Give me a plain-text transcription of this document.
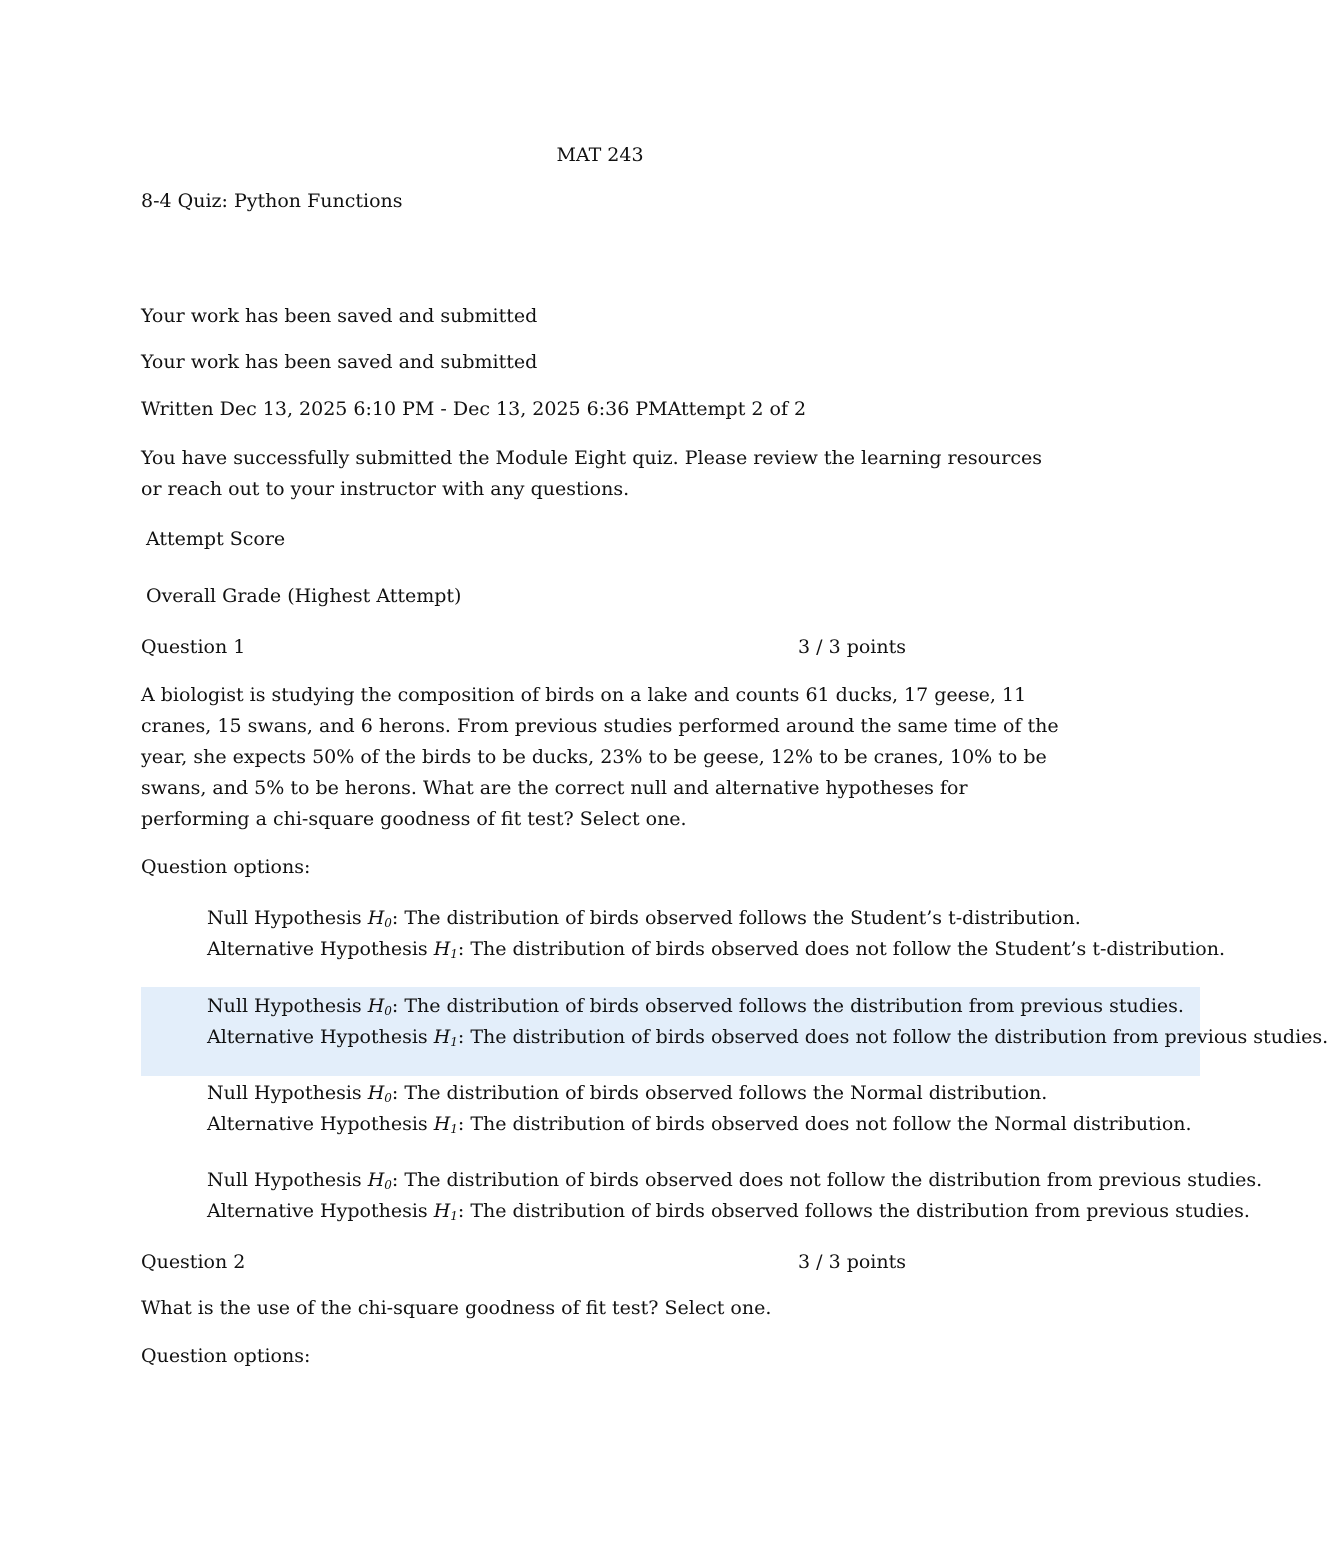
MAT 243
8-4 Quiz: Python Functions
Your work has been saved and submitted
Your work has been saved and submitted
Written Dec 13, 2025 6:10 PM - Dec 13, 2025 6:36 PMAttempt 2 of 2
You have successfully submitted the Module Eight quiz. Please review the learning resources or reach out to your instructor with any questions.
Attempt Score
Overall Grade (Highest Attempt)
Question 1	3 / 3 points
A biologist is studying the composition of birds on a lake and counts 61 ducks, 17 geese, 11 cranes, 15 swans, and 6 herons. From previous studies performed around the same time of the year, she expects 50% of the birds to be ducks, 23% to be geese, 12% to be cranes, 10% to be swans, and 5% to be herons. What are the correct null and alternative hypotheses for performing a chi-square goodness of fit test? Select one.
Question options:
Null Hypothesis $H_0$: The distribution of birds observed follows the Student’s t-distribution.
Alternative Hypothesis $H_1$: The distribution of birds observed does not follow the Student’s t-distribution.
Null Hypothesis $H_0$: The distribution of birds observed follows the distribution from previous studies.
Alternative Hypothesis $H_1$: The distribution of birds observed does not follow the distribution from previous studies.
Null Hypothesis $H_0$: The distribution of birds observed follows the Normal distribution.
Alternative Hypothesis $H_1$: The distribution of birds observed does not follow the Normal distribution.
Null Hypothesis $H_0$: The distribution of birds observed does not follow the distribution from previous studies.
Alternative Hypothesis $H_1$: The distribution of birds observed follows the distribution from previous studies.
Question 2	3 / 3 points
What is the use of the chi-square goodness of fit test? Select one.
Question options:
